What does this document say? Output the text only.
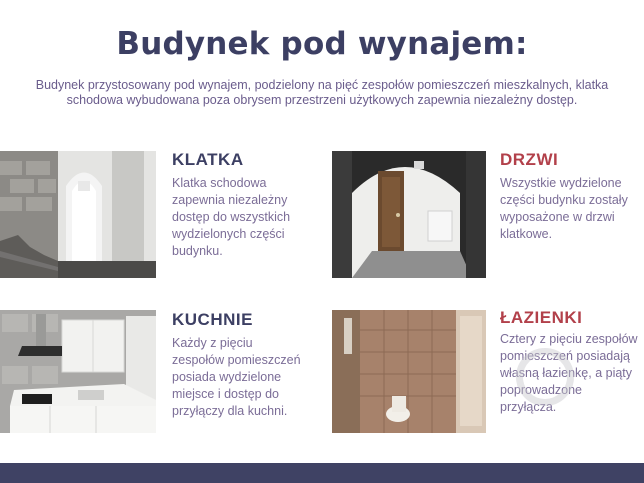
Budynek pod wynajem:
Budynek przystosowany pod wynajem, podzielony na pięć zespołów pomieszczeń mieszkalnych, klatka schodowa wybudowana poza obrysem przestrzeni użytkowych zapewnia niezależny dostęp.
KLATKA
Klatka schodowa zapewnia niezależny dostęp do wszystkich wydzielonych części budynku.
DRZWI
Wszystkie wydzielone części budynku zostały wyposażone w drzwi klatkowe.
KUCHNIE
Każdy z pięciu zespołów pomieszczeń posiada wydzielone miejsce i dostęp do przyłączy dla kuchni.
ŁAZIENKI
Cztery z pięciu zespołów pomieszczeń posiadają własną łazienkę, a piąty poprowadzone przyłącza.
